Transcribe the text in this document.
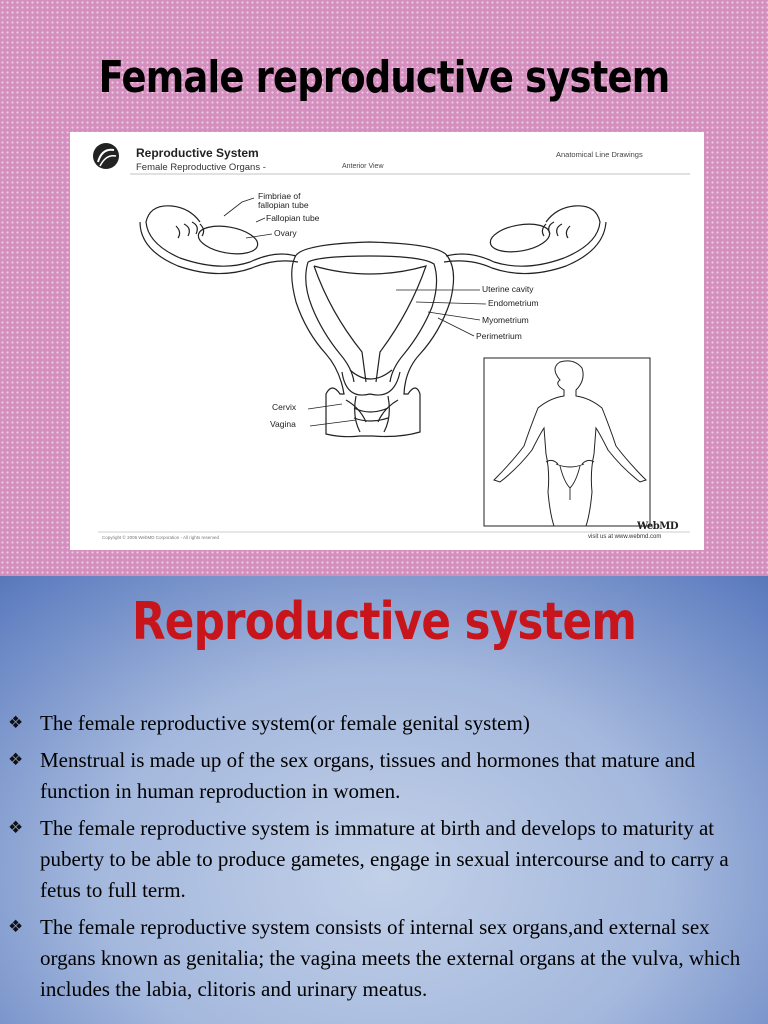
Female reproductive system
Reproductive System
Female Reproductive Organs -	Anterior View
Anatomical Line Drawings
Fimbriae of
fallopian tube
Fallopian tube
Ovary
Uterine cavity
Endometrium
Myometrium
Perimetrium
Cervix
Vagina
WebMD
Copyright © 2006 WebMD Corporation - All rights reserved	visit us at www.webmd.com
Reproductive system
❖ The female reproductive system(or female genital system)
❖ Menstrual is made up of the sex organs, tissues and hormones that mature and function in human reproduction in women.
❖ The female reproductive system is immature at birth and develops to maturity at puberty to be able to produce gametes, engage in sexual intercourse and to carry a fetus to full term.
❖ The female reproductive system consists of internal sex organs,and external sex organs known as genitalia; the vagina meets the external organs at the vulva, which includes the labia, clitoris and urinary meatus.
